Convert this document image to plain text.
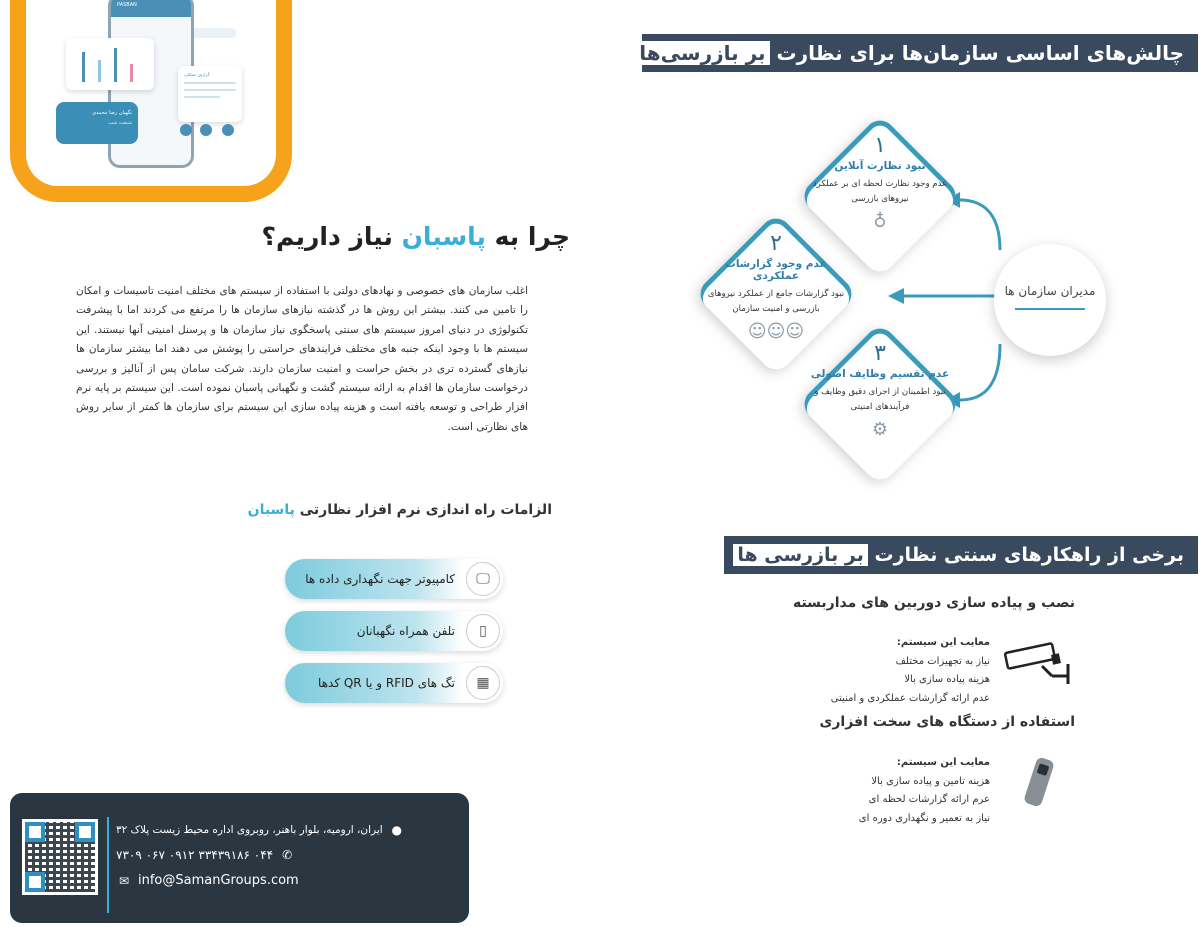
PASBAN
گزارش عملکرد
نگهبان رضا محمدی
شیفت شب
چالش‌های اساسی سازمان‌ها برای نظارت

بر بازرسی‌ها
مدیران سازمان ها
۱
نبود نظارت آنلاین
عدم وجود نظارت لحظه ای بر عملکرد نیروهای بازرسی
♁
۲
عدم وجود گزارشات عملکردی
نبود گزارشات جامع از عملکرد نیروهای بازرسی و امنیت سازمان
☺☺☺
۳
عدم تقسیم وظایف اصولی
نبود اطمینان از اجرای دقیق وظایف و فرآیندهای امنیتی
⚙
چرا به پاسبان نیاز داریم؟
اغلب سازمان های خصوصی و نهادهای دولتی با استفاده از سیستم های مختلف امنیت تاسیسات و امکان را تامین می کنند. بیشتر این روش ها در گذشته نیازهای سازمان ها را مرتفع می کردند اما با پیشرفت تکنولوژی در دنیای امروز سیستم های سنتی پاسخگوی نیاز سازمان ها و پرسنل امنیتی آنها نیستند. این سیستم ها با وجود اینکه جنبه های مختلف فرایندهای حراستی را پوشش می دهند اما بیشتر سازمان ها نیازهای گسترده تری در بخش حراست و امنیت سازمان دارند. شرکت سامان پس از آنالیز و بررسی درخواست سازمان ها اقدام به ارائه سیستم گشت و نگهبانی پاسبان نموده است. این سیستم بر پایه نرم افزار طراحی و توسعه یافته است و هزینه پیاده سازی این سیستم برای سازمان ها کمتر از سایر روش های نظارتی است.
الزامات راه اندازی نرم افزار نظارتی پاسبان
🖵
کامپیوتر جهت نگهداری داده ها
▯
تلفن همراه نگهبانان
▦
تگ های RFID و یا QR کدها
برخی از راهکارهای سنتی نظارت

بر بازرسی ها
نصب و پیاده سازی دوربین های مداربسته
معایب این سیستم:
نیاز به تجهیزات مختلف
هزینه پیاده سازی بالا
عدم ارائه گزارشات عملکردی و امنیتی
استفاده از دستگاه های سخت افزاری
معایب این سیستم:
هزینه تامین و پیاده سازی بالا
عرم ارائه گزارشات لحظه ای
نیاز به تعمیر و نگهداری دوره ای
●
ایران، ارومیه، بلوار باهنر، روبروی اداره محیط زیست پلاک ۳۲
✆
۰۴۴ ۳۳۴۳۹۱۸۶ ۰۹۱۲ ۰۶۷ ۷۳۰۹
✉ info@SamanGroups.com
